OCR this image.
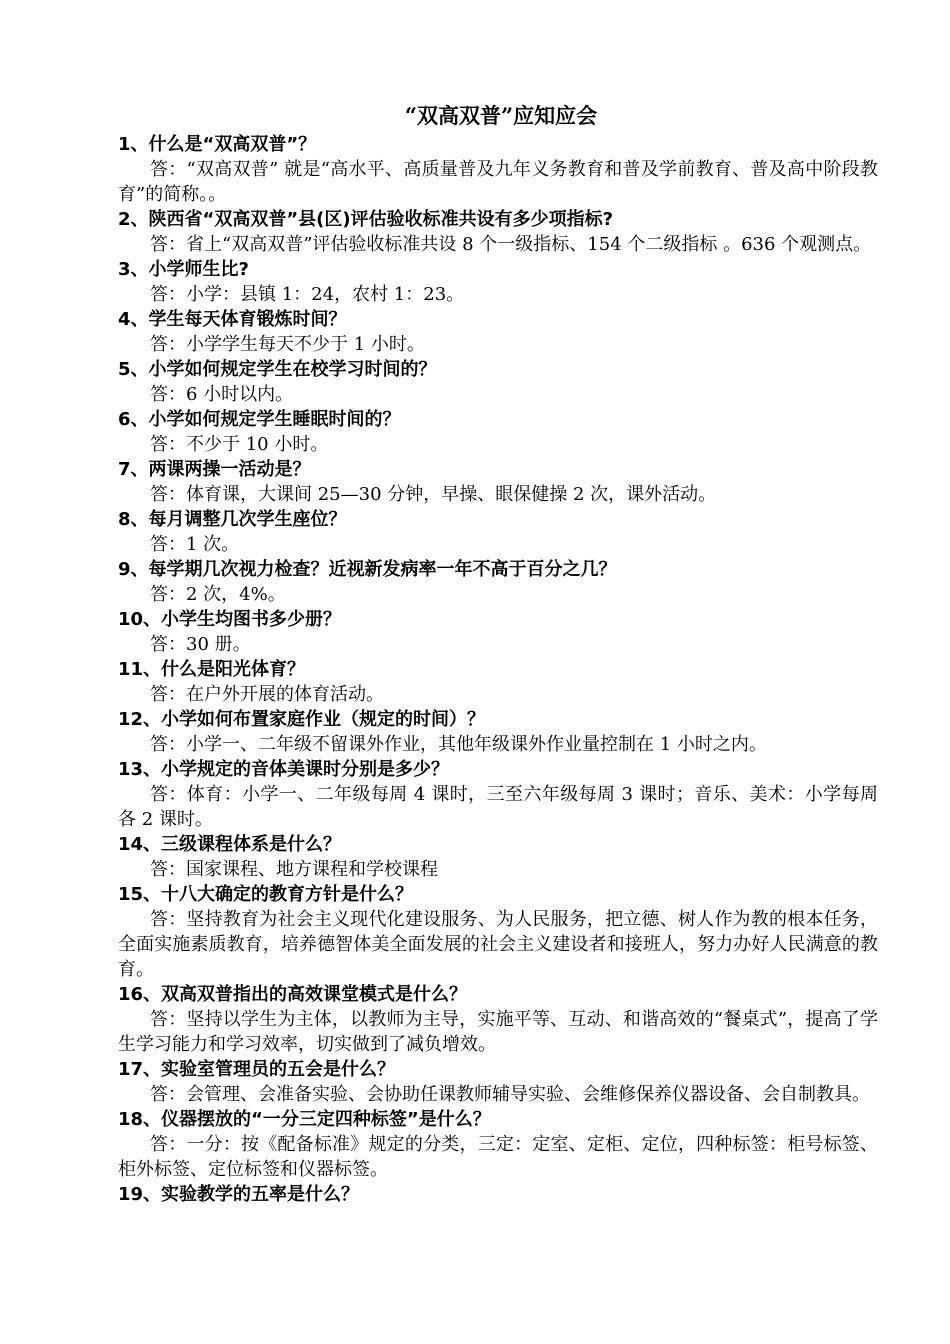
“双高双普”应知应会

1、什么是“双高双普”？

答：“双高双普” 就是“高水平、高质量普及九年义务教育和普及学前教育、普及高中阶段教育”的简称。。

2、陕西省“双高双普”县(区)评估验收标准共设有多少项指标?

答：省上“双高双普”评估验收标准共设 8 个一级指标、154 个二级指标 。636 个观测点。

3、小学师生比?

答：小学：县镇 1：24，农村 1：23。

4、学生每天体育锻炼时间？

答：小学学生每天不少于 1 小时。

5、小学如何规定学生在校学习时间的？

答：6 小时以内。

6、小学如何规定学生睡眠时间的？

答：不少于 10 小时。

7、两课两操一活动是？

答：体育课，大课间 25—30 分钟，早操、眼保健操 2 次，课外活动。

8、每月调整几次学生座位？

答：1 次。

9、每学期几次视力检查？近视新发病率一年不高于百分之几？

答：2 次，4%。

10、小学生均图书多少册？

答：30 册。

11、什么是阳光体育？

答：在户外开展的体育活动。

12、小学如何布置家庭作业（规定的时间）？

答：小学一、二年级不留课外作业，其他年级课外作业量控制在 1 小时之内。

13、小学规定的音体美课时分别是多少？

答：体育：小学一、二年级每周 4 课时，三至六年级每周 3 课时；音乐、美术：小学每周各 2 课时。

14、三级课程体系是什么？

答：国家课程、地方课程和学校课程

15、十八大确定的教育方针是什么？

答：坚持教育为社会主义现代化建设服务、为人民服务，把立德、树人作为教的根本任务，全面实施素质教育，培养德智体美全面发展的社会主义建设者和接班人，努力办好人民满意的教育。

16、双高双普指出的高效课堂模式是什么？

答：坚持以学生为主体，以教师为主导，实施平等、互动、和谐高效的“餐桌式”，提高了学生学习能力和学习效率，切实做到了减负增效。

17、实验室管理员的五会是什么？

答：会管理、会准备实验、会协助任课教师辅导实验、会维修保养仪器设备、会自制教具。

18、仪器摆放的“一分三定四种标签”是什么？

答：一分：按《配备标准》规定的分类，三定：定室、定柜、定位，四种标签：柜号标签、柜外标签、定位标签和仪器标签。

19、实验教学的五率是什么？
